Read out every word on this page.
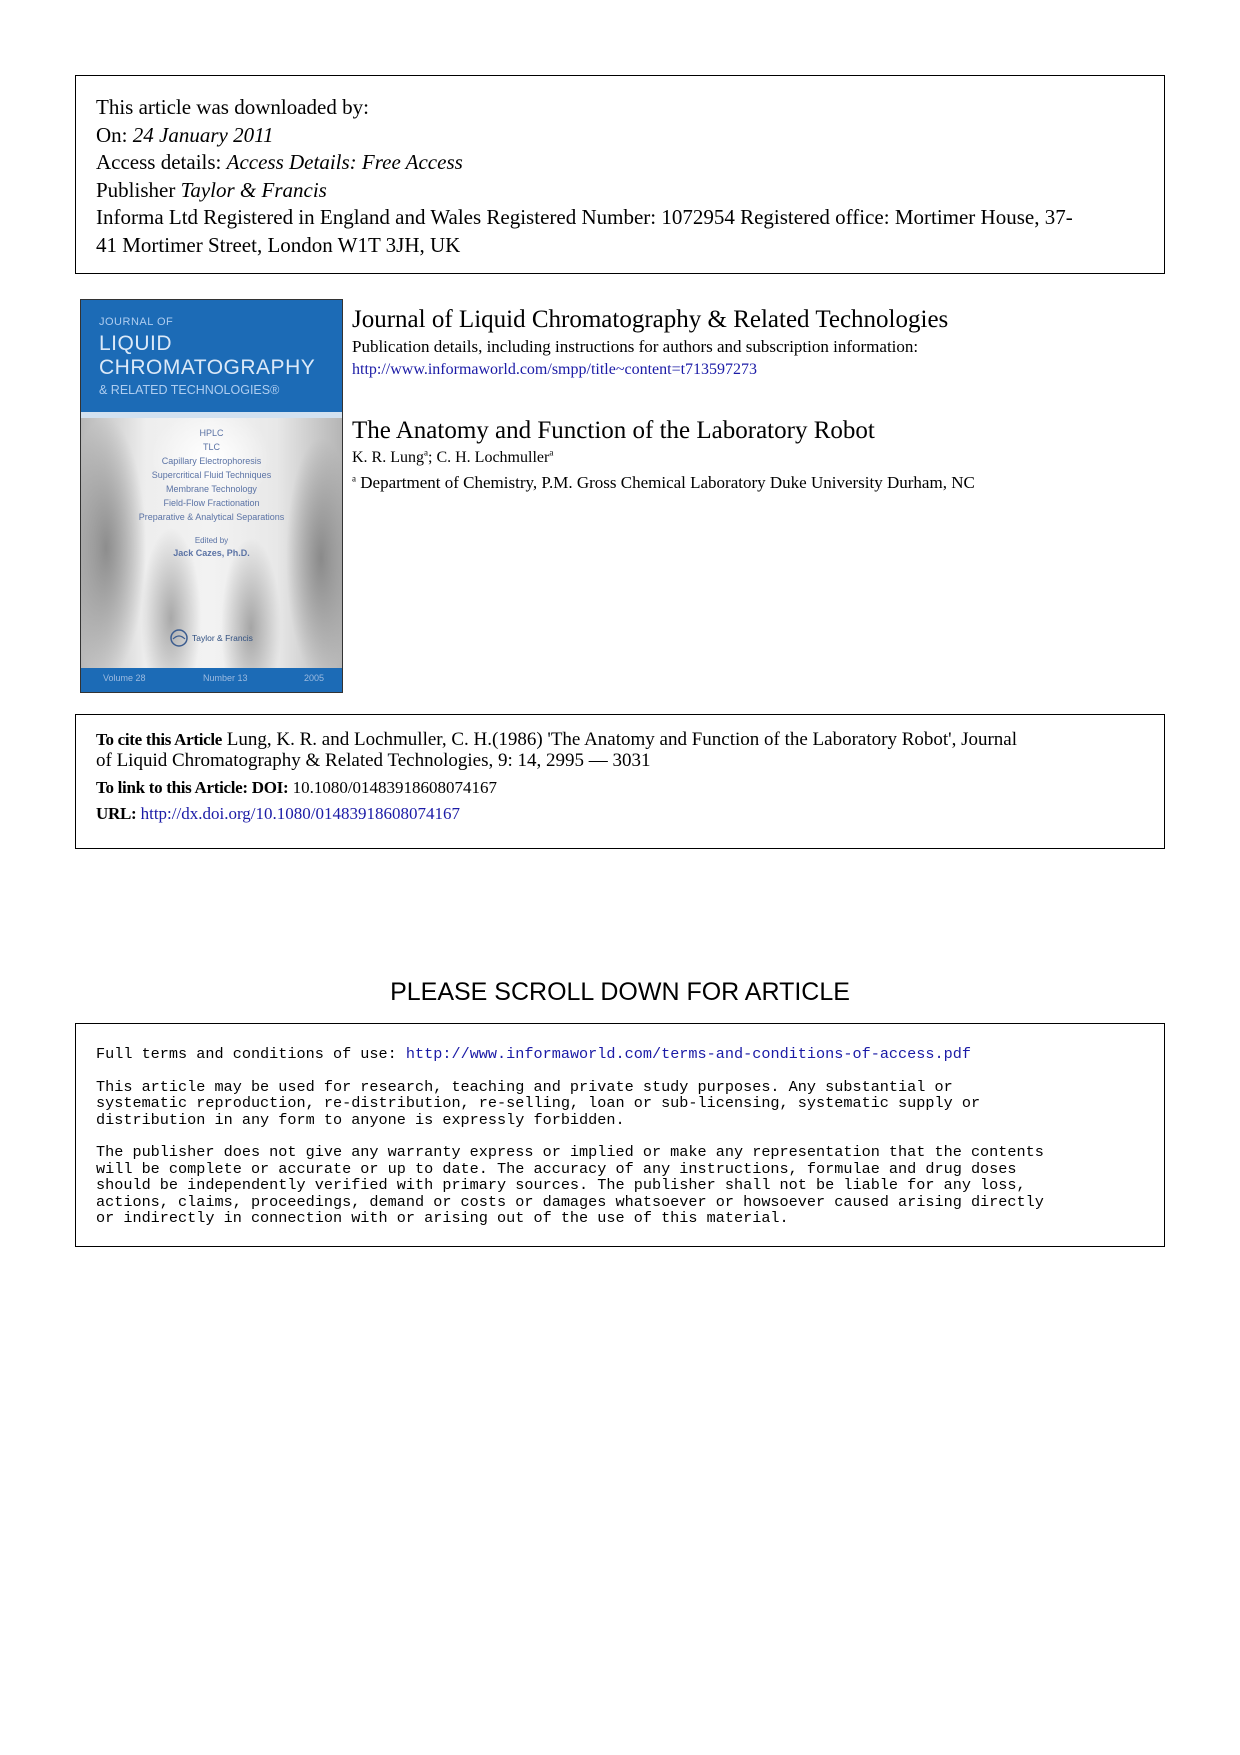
This article was downloaded by:
On: 24 January 2011
Access details: Access Details: Free Access
Publisher Taylor & Francis
Informa Ltd Registered in England and Wales Registered Number: 1072954 Registered office: Mortimer House, 37-
41 Mortimer Street, London W1T 3JH, UK
JOURNAL OF
LIQUID
CHROMATOGRAPHY
& RELATED TECHNOLOGIES®
HPLC
TLC
Capillary Electrophoresis
Supercritical Fluid Techniques
Membrane Technology
Field-Flow Fractionation
Preparative & Analytical Separations
Edited by
Jack Cazes, Ph.D.
Taylor & Francis
Volume 28	Number 13	2005
Journal of Liquid Chromatography & Related Technologies
Publication details, including instructions for authors and subscription information:
http://www.informaworld.com/smpp/title~content=t713597273
The Anatomy and Function of the Laboratory Robot
K. R. Lung$^a$; C. H. Lochmuller$^a$
$^a$ Department of Chemistry, P.M. Gross Chemical Laboratory Duke University Durham, NC
To cite this Article Lung, K. R. and Lochmuller, C. H.(1986) 'The Anatomy and Function of the Laboratory Robot', Journal
of Liquid Chromatography & Related Technologies, 9: 14, 2995 — 3031
To link to this Article: DOI: 10.1080/01483918608074167
URL: http://dx.doi.org/10.1080/01483918608074167
PLEASE SCROLL DOWN FOR ARTICLE

Full terms and conditions of use: http://www.informaworld.com/terms-and-conditions-of-access.pdf

This article may be used for research, teaching and private study purposes. Any substantial or
systematic reproduction, re-distribution, re-selling, loan or sub-licensing, systematic supply or
distribution in any form to anyone is expressly forbidden.

The publisher does not give any warranty express or implied or make any representation that the contents
will be complete or accurate or up to date. The accuracy of any instructions, formulae and drug doses
should be independently verified with primary sources. The publisher shall not be liable for any loss,
actions, claims, proceedings, demand or costs or damages whatsoever or howsoever caused arising directly
or indirectly in connection with or arising out of the use of this material.
